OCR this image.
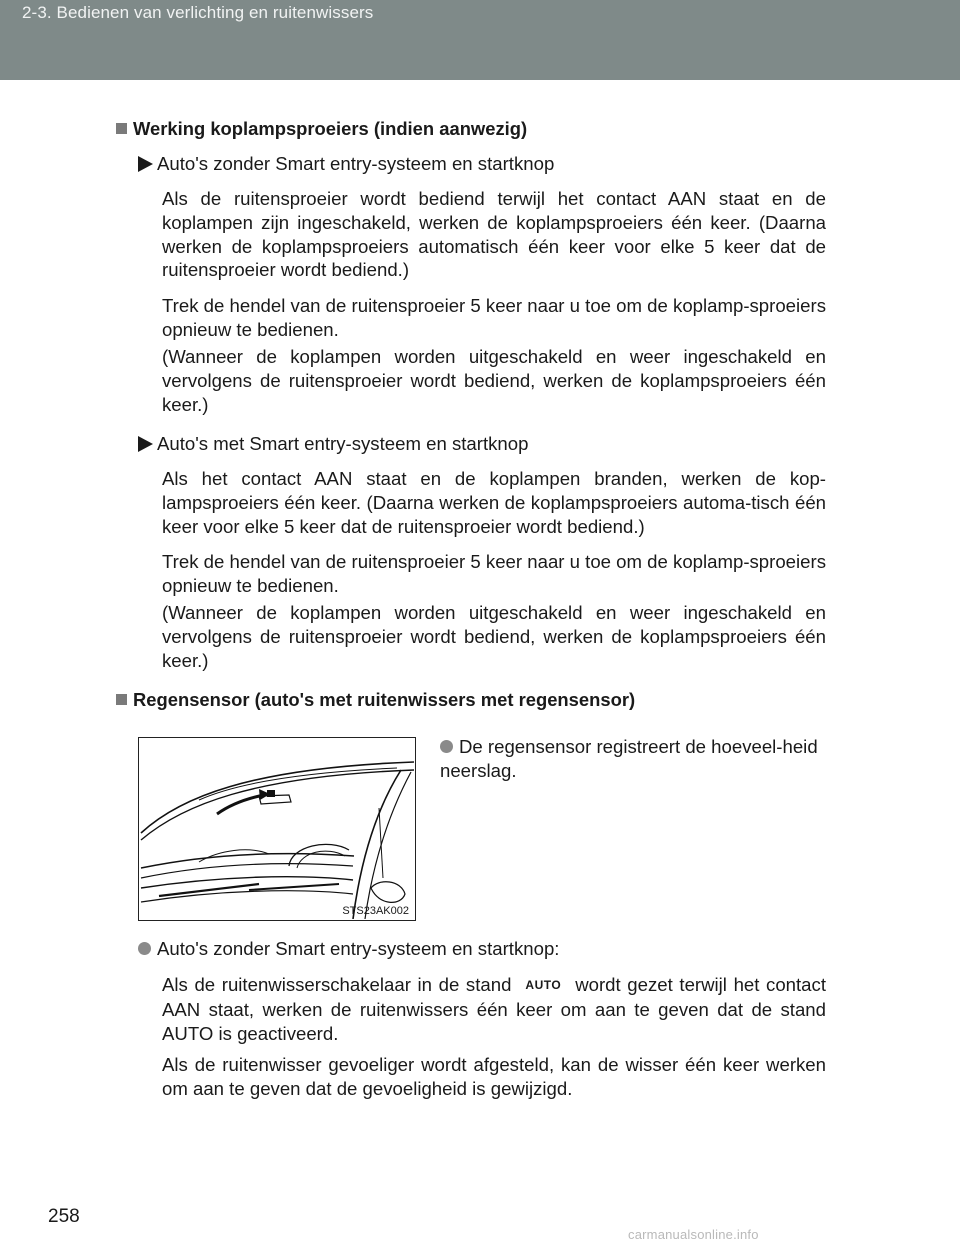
2-3. Bedienen van verlichting en ruitenwissers
Werking koplampsproeiers (indien aanwezig)
Auto's zonder Smart entry-systeem en startknop
Als de ruitensproeier wordt bediend terwijl het contact AAN staat en de koplampen zijn ingeschakeld, werken de koplampsproeiers één keer. (Daarna werken de koplampsproeiers automatisch één keer voor elke 5 keer dat de ruitensproeier wordt bediend.)
Trek de hendel van de ruitensproeier 5 keer naar u toe om de koplamp-sproeiers opnieuw te bedienen.
(Wanneer de koplampen worden uitgeschakeld en weer ingeschakeld en vervolgens de ruitensproeier wordt bediend, werken de koplampsproeiers één keer.)
Auto's met Smart entry-systeem en startknop
Als het contact AAN staat en de koplampen branden, werken de kop-lampsproeiers één keer. (Daarna werken de koplampsproeiers automa-tisch één keer voor elke 5 keer dat de ruitensproeier wordt bediend.)
Trek de hendel van de ruitensproeier 5 keer naar u toe om de koplamp-sproeiers opnieuw te bedienen.
(Wanneer de koplampen worden uitgeschakeld en weer ingeschakeld en vervolgens de ruitensproeier wordt bediend, werken de koplampsproeiers één keer.)
Regensensor (auto's met ruitenwissers met regensensor)
STS23AK002
De regensensor registreert de hoeveel-heid neerslag.
Auto's zonder Smart entry-systeem en startknop:
Als de ruitenwisserschakelaar in de stand AUTO wordt gezet terwijl het contact AAN staat, werken de ruitenwissers één keer om aan te geven dat de stand AUTO is geactiveerd.
Als de ruitenwisser gevoeliger wordt afgesteld, kan de wisser één keer werken om aan te geven dat de gevoeligheid is gewijzigd.
258
carmanualsonline.info
